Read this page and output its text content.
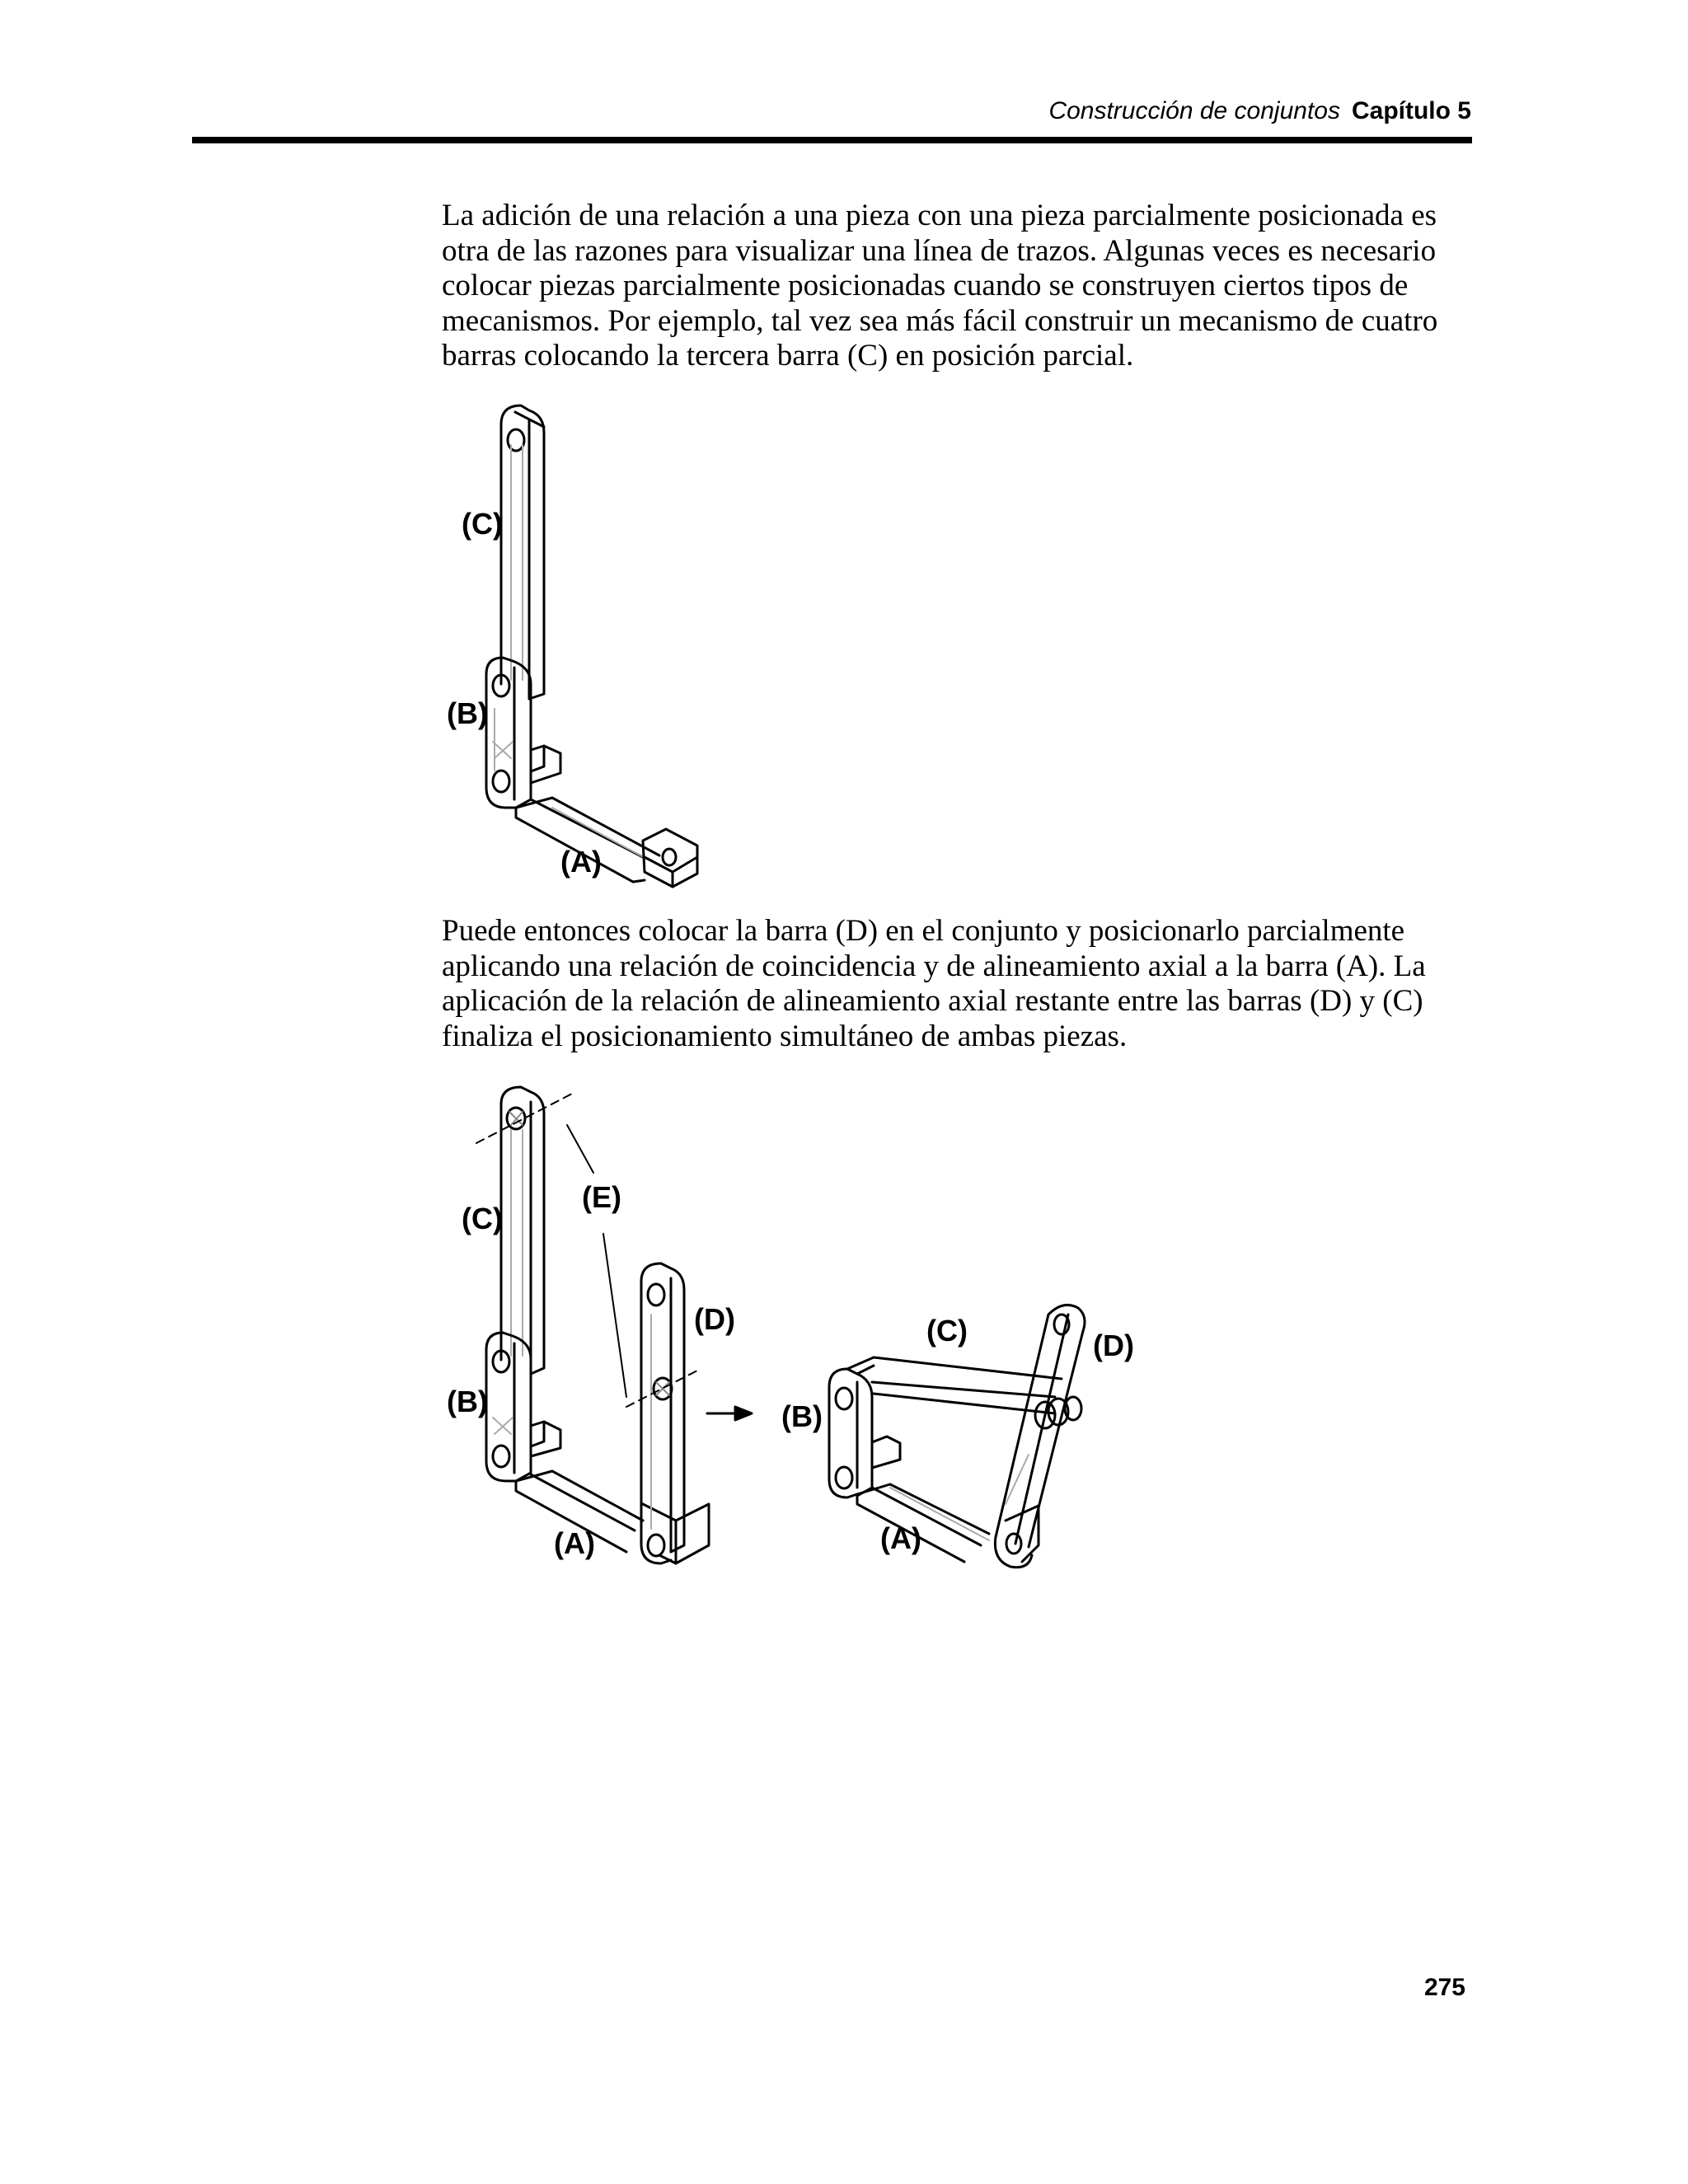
Construcción de conjuntos Capítulo 5
La adición de una relación a una pieza con una pieza parcialmente posicionada es
otra de las razones para visualizar una línea de trazos. Algunas veces es necesario
colocar piezas parcialmente posicionadas cuando se construyen ciertos tipos de
mecanismos. Por ejemplo, tal vez sea más fácil construir un mecanismo de cuatro
barras colocando la tercera barra (C) en posición parcial.
(C)
(B)
(A)
Puede entonces colocar la barra (D) en el conjunto y posicionarlo parcialmente
aplicando una relación de coincidencia y de alineamiento axial a la barra (A). La
aplicación de la relación de alineamiento axial restante entre las barras (D) y (C)
finaliza el posicionamiento simultáneo de ambas piezas.
(C)
(E)
(D)
(B)
(A)
(C)	(D)
(B)
(A)
275
